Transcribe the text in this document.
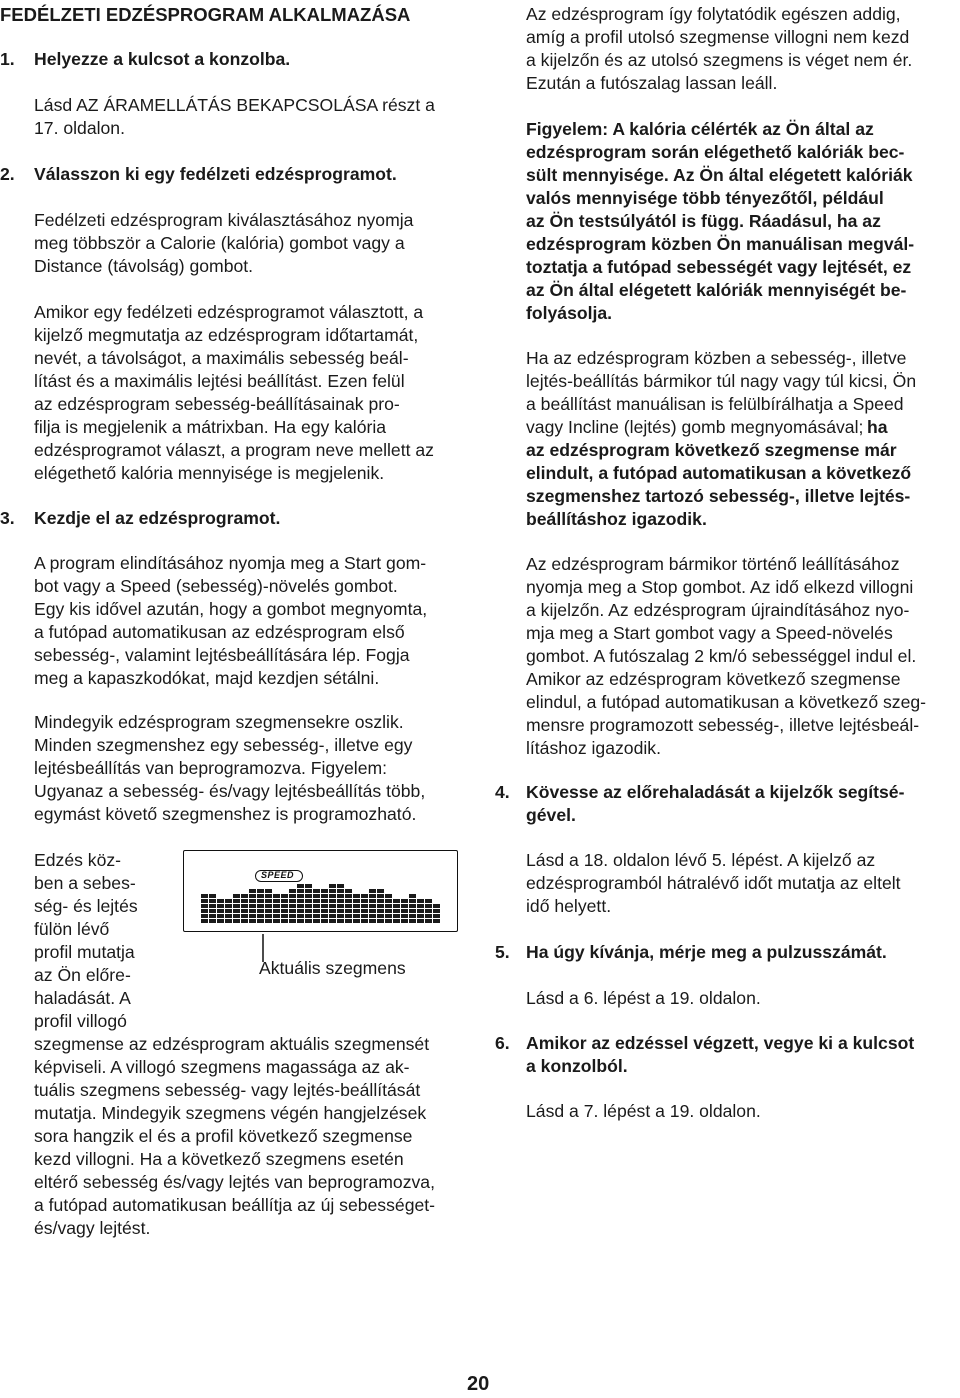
FEDÉLZETI EDZÉSPROGRAM ALKALMAZÁSA

1. Helyezze a kulcsot a konzolba.

Lásd AZ ÁRAMELLÁTÁS BEKAPCSOLÁSA részt a

17. oldalon.

2. Válasszon ki egy fedélzeti edzésprogramot.

Fedélzeti edzésprogram kiválasztásához nyomja

meg többször a Calorie (kalória) gombot vagy a

Distance (távolság) gombot.

Amikor egy fedélzeti edzésprogramot választott, a

kijelző megmutatja az edzésprogram időtartamát,

nevét, a távolságot, a maximális sebesség beál-

lítást és a maximális lejtési beállítást. Ezen felül

az edzésprogram sebesség-beállításainak pro-

filja is megjelenik a mátrixban. Ha egy kalória

edzésprogramot választ, a program neve mellett az

elégethető kalória mennyisége is megjelenik.

3. Kezdje el az edzésprogramot.

A program elindításához nyomja meg a Start gom-

bot vagy a Speed (sebesség)-növelés gombot.

Egy kis idővel azután, hogy a gombot megnyomta,

a futópad automatikusan az edzésprogram első

sebesség-, valamint lejtésbeállítására lép. Fogja

meg a kapaszkodókat, majd kezdjen sétálni.

Mindegyik edzésprogram szegmensekre oszlik.

Minden szegmenshez egy sebesség-, illetve egy

lejtésbeállítás van beprogramozva. Figyelem:

Ugyanaz a sebesség- és/vagy lejtésbeállítás több,

egymást követő szegmenshez is programozható.

Edzés köz-

ben a sebes-

ség- és lejtés

fülön lévő

profil mutatja

az Ön előre-

haladását. A

profil villogó

szegmense az edzésprogram aktuális szegmensét

képviseli. A villogó szegmens magassága az ak-

tuális szegmens sebesség- vagy lejtés-beállítását

mutatja. Mindegyik szegmens végén hangjelzések

sora hangzik el és a profil következő szegmense

kezd villogni. Ha a következő szegmens esetén

eltérő sebesség és/vagy lejtés van beprogramozva,

a futópad automatikusan beállítja az új sebességet-

és/vagy lejtést.

SPEED
Aktuális szegmens

Az edzésprogram így folytatódik egészen addig,

amíg a profil utolsó szegmense villogni nem kezd

a kijelzőn és az utolsó szegmens is véget nem ér.

Ezután a futószalag lassan leáll.

Figyelem: A kalória célérték az Ön által az

edzésprogram során elégethető kalóriák bec-

sült mennyisége. Az Ön által elégetett kalóriák

valós mennyisége több tényezőtől, például

az Ön testsúlyától is függ. Ráadásul, ha az

edzésprogram közben Ön manuálisan megvál-

toztatja a futópad sebességét vagy lejtését, ez

az Ön által elégetett kalóriák mennyiségét be-

folyásolja.

Ha az edzésprogram közben a sebesség-, illetve

lejtés-beállítás bármikor túl nagy vagy túl kicsi, Ön

a beállítást manuálisan is felülbírálhatja a Speed

vagy Incline (lejtés) gomb megnyomásával; ha

az edzésprogram következő szegmense már

elindult, a futópad automatikusan a következő

szegmenshez tartozó sebesség-, illetve lejtés-

beállításhoz igazodik.

Az edzésprogram bármikor történő leállításához

nyomja meg a Stop gombot. Az idő elkezd villogni

a kijelzőn. Az edzésprogram újraindításához nyo-

mja meg a Start gombot vagy a Speed-növelés

gombot. A futószalag 2 km/ó sebességgel indul el.

Amikor az edzésprogram következő szegmense

elindul, a futópad automatikusan a következő szeg-

mensre programozott sebesség-, illetve lejtésbeál-

lításhoz igazodik.

4. Kövesse az előrehaladását a kijelzők segítsé-

gével.

Lásd a 18. oldalon lévő 5. lépést. A kijelző az

edzésprogramból hátralévő időt mutatja az eltelt

idő helyett.

5. Ha úgy kívánja, mérje meg a pulzusszámát.

Lásd a 6. lépést a 19. oldalon.

6. Amikor az edzéssel végzett, vegye ki a kulcsot

a konzolból.

Lásd a 7. lépést a 19. oldalon.

20
